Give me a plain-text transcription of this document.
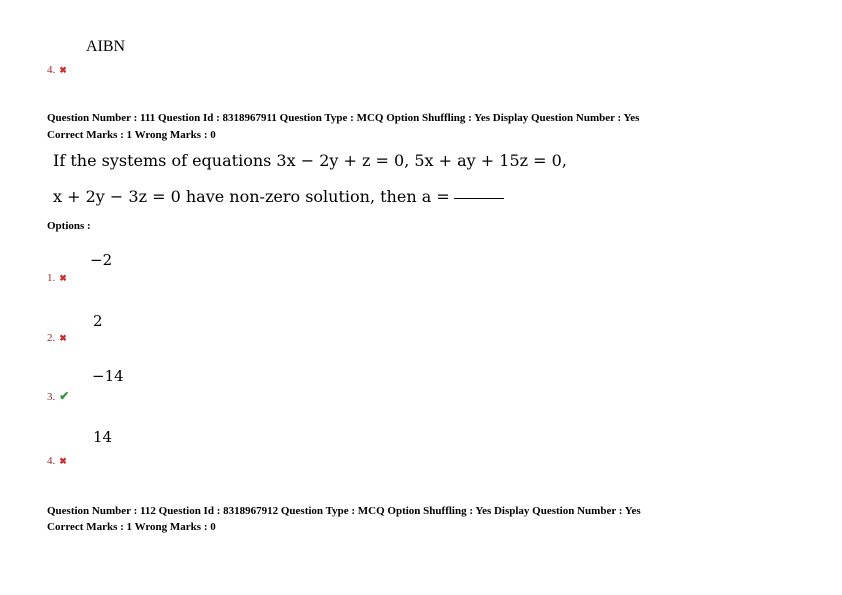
AIBN
4. ✖
Question Number : 111 Question Id : 8318967911 Question Type : MCQ Option Shuffling : Yes Display Question Number : Yes
Correct Marks : 1 Wrong Marks : 0
If the systems of equations 3x − 2y + z = 0, 5x + ay + 15z = 0,
x + 2y − 3z = 0 have non-zero solution, then a =
Options :
−2
1. ✖
2
2. ✖
−14
3. ✔
14
4. ✖
Question Number : 112 Question Id : 8318967912 Question Type : MCQ Option Shuffling : Yes Display Question Number : Yes
Correct Marks : 1 Wrong Marks : 0
